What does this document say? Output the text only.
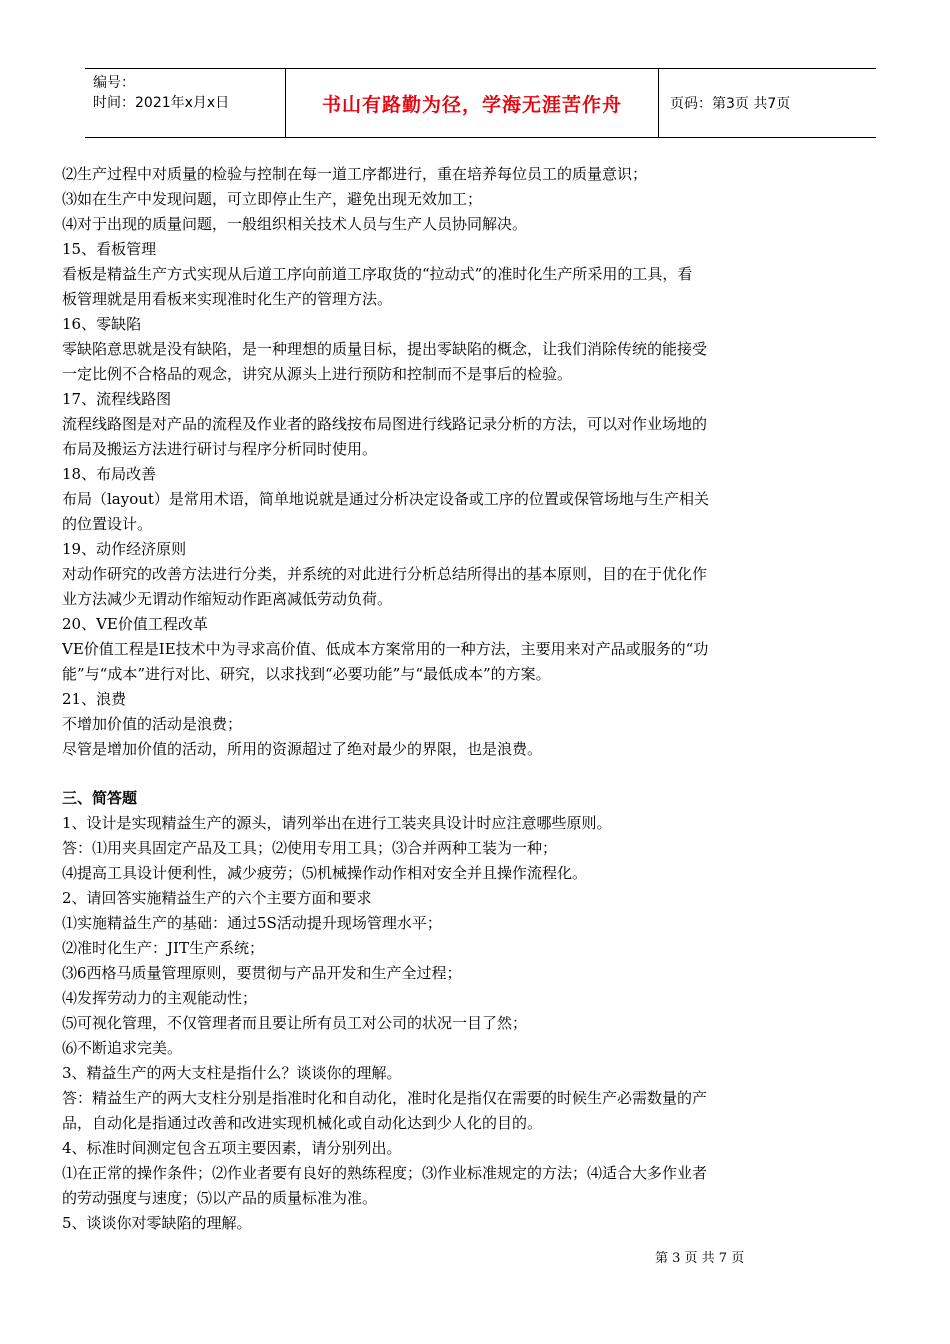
编号：
时间：2021年x月x日	书山有路勤为径，学海无涯苦作舟	页码：第3页 共7页
⑵生产过程中对质量的检验与控制在每一道工序都进行，重在培养每位员工的质量意识；
⑶如在生产中发现问题，可立即停止生产，避免出现无效加工；
⑷对于出现的质量问题，一般组织相关技术人员与生产人员协同解决。
15、看板管理
看板是精益生产方式实现从后道工序向前道工序取货的“拉动式”的准时化生产所采用的工具，看
板管理就是用看板来实现准时化生产的管理方法。
16、零缺陷
零缺陷意思就是没有缺陷，是一种理想的质量目标，提出零缺陷的概念，让我们消除传统的能接受
一定比例不合格品的观念，讲究从源头上进行预防和控制而不是事后的检验。
17、流程线路图
流程线路图是对产品的流程及作业者的路线按布局图进行线路记录分析的方法，可以对作业场地的
布局及搬运方法进行研讨与程序分析同时使用。
18、布局改善
布局（layout）是常用术语，简单地说就是通过分析决定设备或工序的位置或保管场地与生产相关
的位置设计。
19、动作经济原则
对动作研究的改善方法进行分类，并系统的对此进行分析总结所得出的基本原则，目的在于优化作
业方法减少无谓动作缩短动作距离减低劳动负荷。
20、VE价值工程改革
VE价值工程是IE技术中为寻求高价值、低成本方案常用的一种方法，主要用来对产品或服务的“功
能”与“成本”进行对比、研究，以求找到“必要功能”与“最低成本”的方案。
21、浪费
不增加价值的活动是浪费；
尽管是增加价值的活动，所用的资源超过了绝对最少的界限，也是浪费。
三、简答题
1、设计是实现精益生产的源头，请列举出在进行工装夹具设计时应注意哪些原则。
答：⑴用夹具固定产品及工具；⑵使用专用工具；⑶合并两种工装为一种；
⑷提高工具设计便利性，减少疲劳；⑸机械操作动作相对安全并且操作流程化。
2、请回答实施精益生产的六个主要方面和要求
⑴实施精益生产的基础：通过5S活动提升现场管理水平；
⑵准时化生产：JIT生产系统；
⑶6西格马质量管理原则，要贯彻与产品开发和生产全过程；
⑷发挥劳动力的主观能动性；
⑸可视化管理，不仅管理者而且要让所有员工对公司的状况一目了然；
⑹不断追求完美。
3、精益生产的两大支柱是指什么？谈谈你的理解。
答：精益生产的两大支柱分别是指准时化和自动化，准时化是指仅在需要的时候生产必需数量的产
品，自动化是指通过改善和改进实现机械化或自动化达到少人化的目的。
4、标准时间测定包含五项主要因素，请分别列出。
⑴在正常的操作条件；⑵作业者要有良好的熟练程度；⑶作业标准规定的方法；⑷适合大多作业者
的劳动强度与速度；⑸以产品的质量标准为准。
5、谈谈你对零缺陷的理解。
第 3 页 共 7 页
